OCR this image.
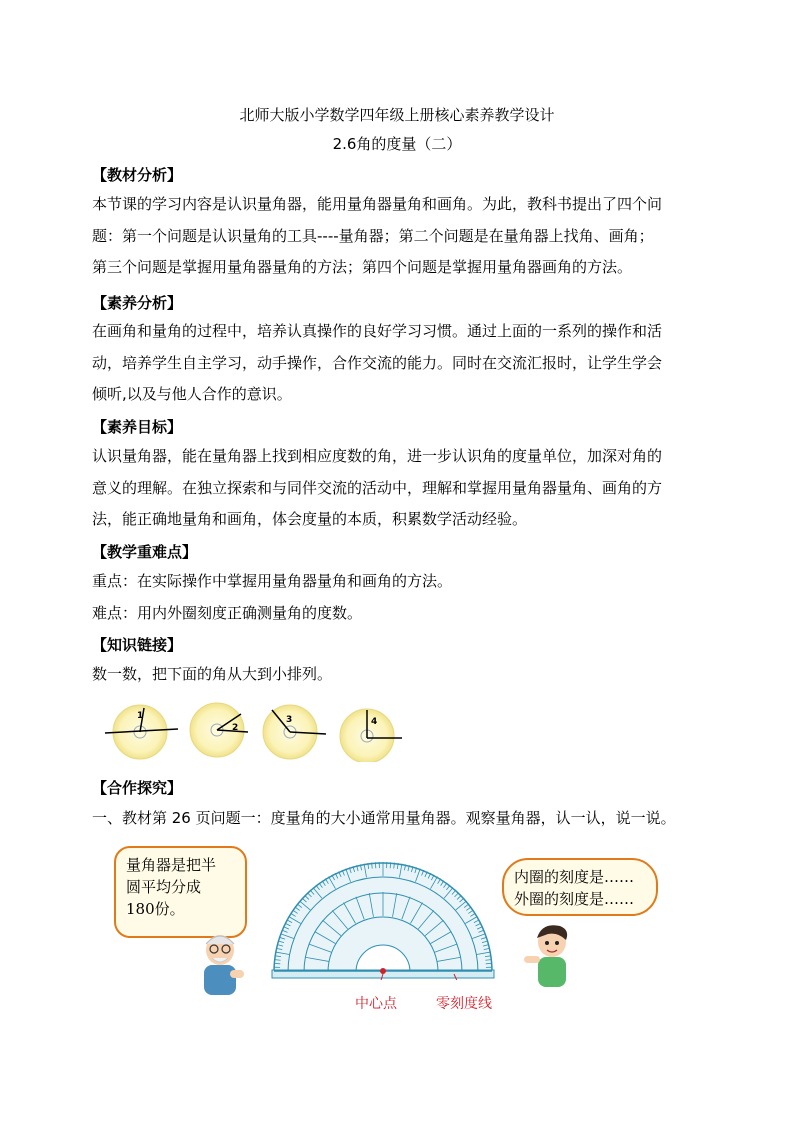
北师大版小学数学四年级上册核心素养教学设计
2.6角的度量（二）
【教材分析】
本节课的学习内容是认识量角器，能用量角器量角和画角。为此，教科书提出了四个问
题：第一个问题是认识量角的工具----量角器；第二个问题是在量角器上找角、画角；
第三个问题是掌握用量角器量角的方法；第四个问题是掌握用量角器画角的方法。
【素养分析】
在画角和量角的过程中，培养认真操作的良好学习习惯。通过上面的一系列的操作和活
动，培养学生自主学习，动手操作，合作交流的能力。同时在交流汇报时，让学生学会
倾听,以及与他人合作的意识。
【素养目标】
认识量角器，能在量角器上找到相应度数的角，进一步认识角的度量单位，加深对角的
意义的理解。在独立探索和与同伴交流的活动中，理解和掌握用量角器量角、画角的方
法，能正确地量角和画角，体会度量的本质，积累数学活动经验。
【教学重难点】
重点：在实际操作中掌握用量角器量角和画角的方法。
难点：用内外圈刻度正确测量角的度数。
【知识链接】
数一数，把下面的角从大到小排列。
1
2
3	4
【合作探究】
一、教材第 26 页问题一：度量角的大小通常用量角器。观察量角器，认一认，说一说。
量角器是把半
圆平均分成
180份。
内圈的刻度是……
外圈的刻度是……
中心点	零刻度线
